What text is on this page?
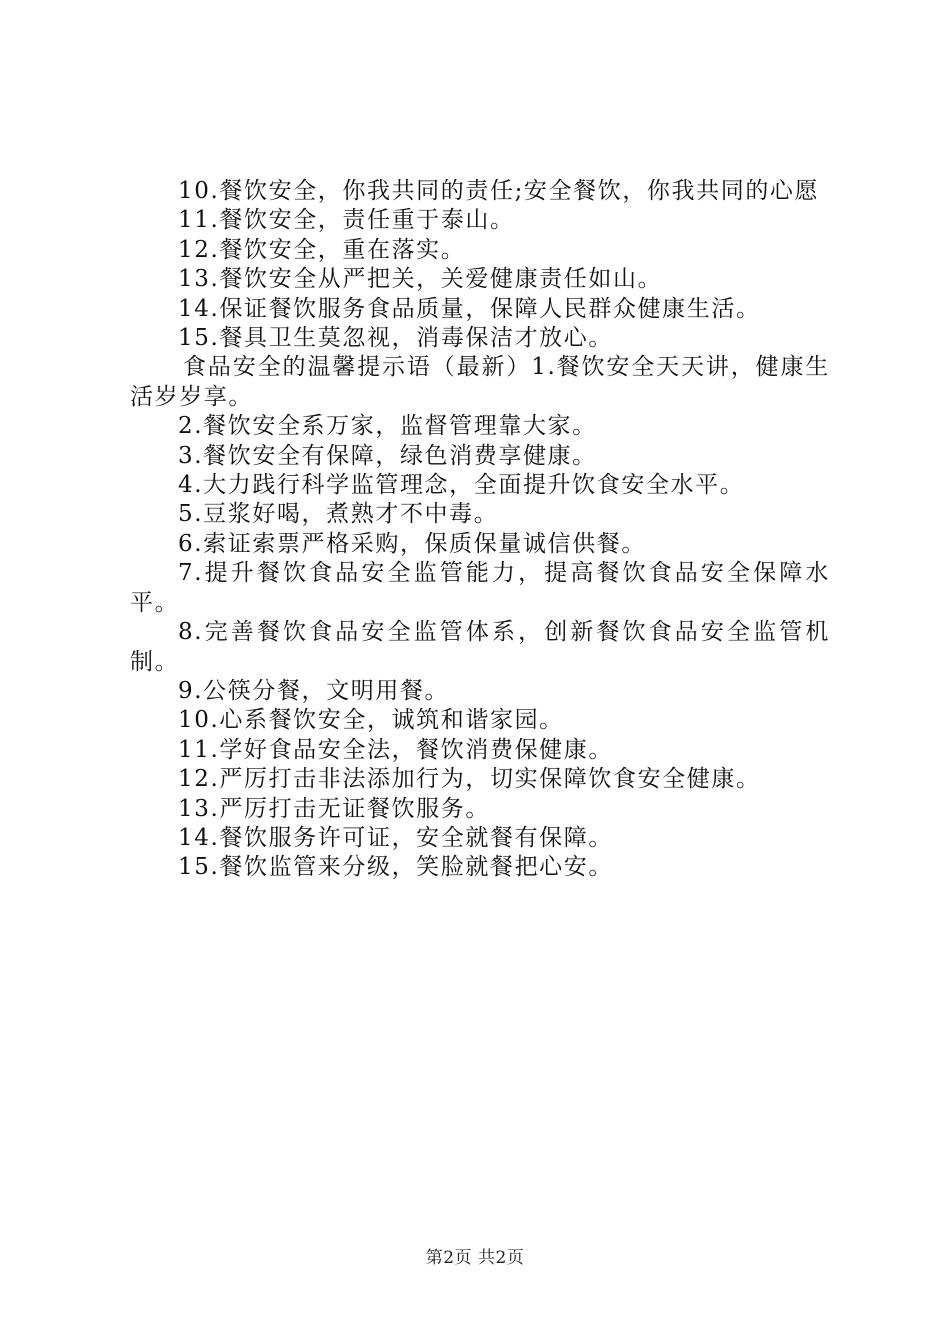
10.餐饮安全，你我共同的责任;安全餐饮，你我共同的心愿

11.餐饮安全，责任重于泰山。

12.餐饮安全，重在落实。

13.餐饮安全从严把关，关爱健康责任如山。

14.保证餐饮服务食品质量，保障人民群众健康生活。

15.餐具卫生莫忽视，消毒保洁才放心。

食品安全的温馨提示语（最新）1.餐饮安全天天讲，健康生活岁岁享。

2.餐饮安全系万家，监督管理靠大家。

3.餐饮安全有保障，绿色消费享健康。

4.大力践行科学监管理念，全面提升饮食安全水平。

5.豆浆好喝，煮熟才不中毒。

6.索证索票严格采购，保质保量诚信供餐。

7.提升餐饮食品安全监管能力，提高餐饮食品安全保障水平。

8.完善餐饮食品安全监管体系，创新餐饮食品安全监管机制。

9.公筷分餐，文明用餐。

10.心系餐饮安全，诚筑和谐家园。

11.学好食品安全法，餐饮消费保健康。

12.严厉打击非法添加行为，切实保障饮食安全健康。

13.严厉打击无证餐饮服务。

14.餐饮服务许可证，安全就餐有保障。

15.餐饮监管来分级，笑脸就餐把心安。

第2页 共2页
